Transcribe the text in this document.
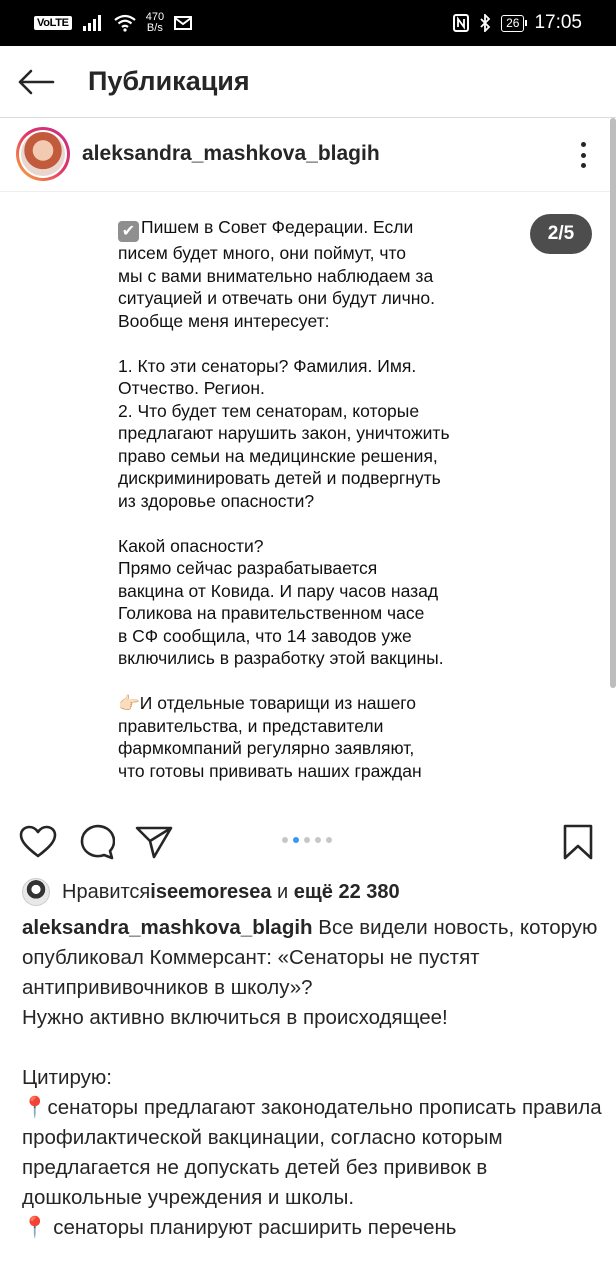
VoLTE	470
B/s	26 17:05
Публикация
aleksandra_mashkova_blagih
✔ Пишем в Совет Федерации. Если
писем будет много, они поймут, что
мы с вами внимательно наблюдаем за
ситуацией и отвечать они будут лично.
Вообще меня интересует:

1. Кто эти сенаторы? Фамилия. Имя.
Отчество. Регион.
2. Что будет тем сенаторам, которые
предлагают нарушить закон, уничтожить
право семьи на медицинские решения,
дискриминировать детей и подвергнуть
из здоровье опасности?

Какой опасности?
Прямо сейчас разрабатывается
вакцина от Ковида. И пару часов назад
Голикова на правительственном часе
в СФ сообщила, что 14 заводов уже
включились в разработку этой вакцины.

👉🏻И отдельные товарищи из нашего
правительства, и представители
фармкомпаний регулярно заявляют,
что готовы прививать наших граждан
2/5
Нравится iseemoresea и ещё 22 380
aleksandra_mashkova_blagih Все видели новость, которую опубликовал Коммерсант: «Сенаторы не пустят антипрививочников в школу»?
Нужно активно включиться в происходящее!

Цитирую:
📍сенаторы предлагают законодательно прописать правила профилактической вакцинации, согласно которым предлагается не допускать детей без прививок в дошкольные учреждения и школы.
📍 сенаторы планируют расширить перечень
